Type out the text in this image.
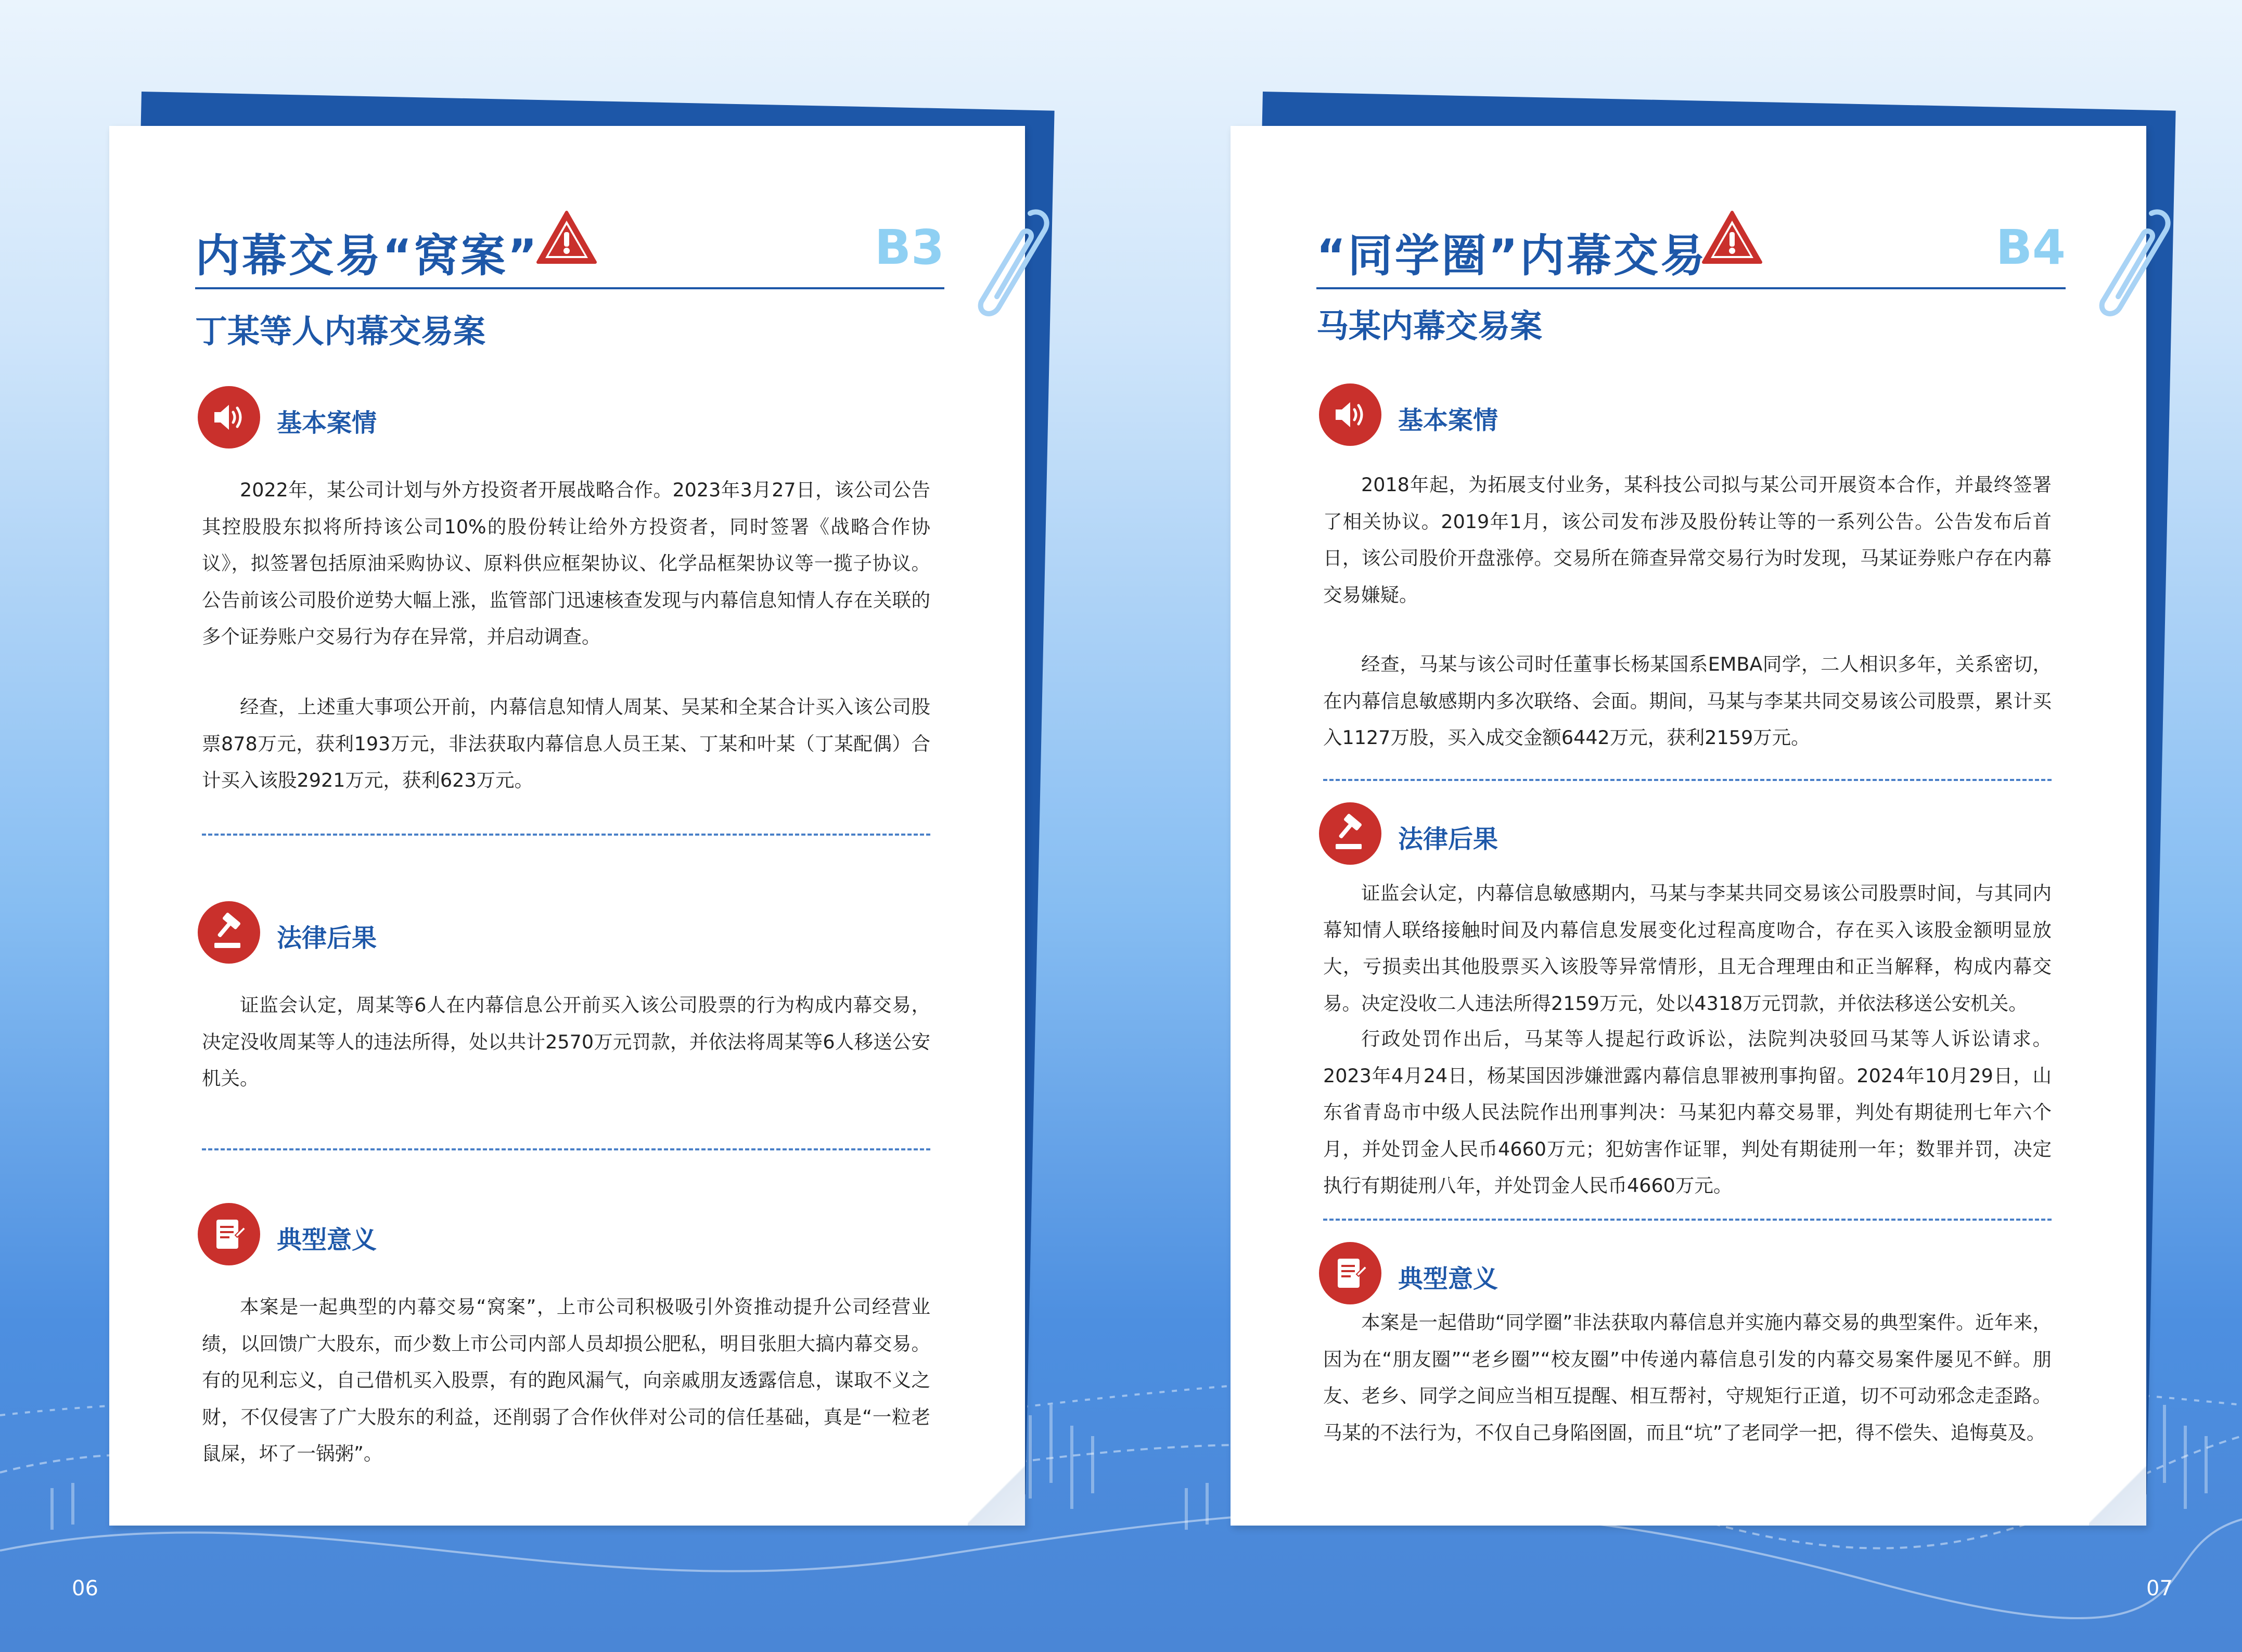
内幕交易“窝案”	B3
丁某等人内幕交易案
基本案情

2022年，某公司计划与外方投资者开展战略合作。2023年3月27日，该公司公告其控股股东拟将所持该公司10%的股份转让给外方投资者，同时签署《战略合作协议》，拟签署包括原油采购协议、原料供应框架协议、化学品框架协议等一揽子协议。公告前该公司股价逆势大幅上涨，监管部门迅速核查发现与内幕信息知情人存在关联的多个证券账户交易行为存在异常，并启动调查。

经查，上述重大事项公开前，内幕信息知情人周某、吴某和全某合计买入该公司股票878万元，获利193万元，非法获取内幕信息人员王某、丁某和叶某（丁某配偶）合计买入该股2921万元，获利623万元。

法律后果

证监会认定，周某等6人在内幕信息公开前买入该公司股票的行为构成内幕交易，决定没收周某等人的违法所得，处以共计2570万元罚款，并依法将周某等6人移送公安机关。

典型意义

本案是一起典型的内幕交易“窝案”，上市公司积极吸引外资推动提升公司经营业绩，以回馈广大股东，而少数上市公司内部人员却损公肥私，明目张胆大搞内幕交易。有的见利忘义，自己借机买入股票，有的跑风漏气，向亲戚朋友透露信息，谋取不义之财，不仅侵害了广大股东的利益，还削弱了合作伙伴对公司的信任基础，真是“一粒老鼠屎，坏了一锅粥”。

“同学圈”内幕交易	B4
马某内幕交易案
基本案情

2018年起，为拓展支付业务，某科技公司拟与某公司开展资本合作，并最终签署了相关协议。2019年1月，该公司发布涉及股份转让等的一系列公告。公告发布后首日，该公司股价开盘涨停。交易所在筛查异常交易行为时发现，马某证券账户存在内幕交易嫌疑。

经查，马某与该公司时任董事长杨某国系EMBA同学，二人相识多年，关系密切，在内幕信息敏感期内多次联络、会面。期间，马某与李某共同交易该公司股票，累计买入1127万股，买入成交金额6442万元，获利2159万元。

法律后果

证监会认定，内幕信息敏感期内，马某与李某共同交易该公司股票时间，与其同内幕知情人联络接触时间及内幕信息发展变化过程高度吻合，存在买入该股金额明显放大，亏损卖出其他股票买入该股等异常情形，且无合理理由和正当解释，构成内幕交易。决定没收二人违法所得2159万元，处以4318万元罚款，并依法移送公安机关。

行政处罚作出后，马某等人提起行政诉讼，法院判决驳回马某等人诉讼请求。2023年4月24日，杨某国因涉嫌泄露内幕信息罪被刑事拘留。2024年10月29日，山东省青岛市中级人民法院作出刑事判决：马某犯内幕交易罪，判处有期徒刑七年六个月，并处罚金人民币4660万元；犯妨害作证罪，判处有期徒刑一年；数罪并罚，决定执行有期徒刑八年，并处罚金人民币4660万元。

典型意义

本案是一起借助“同学圈”非法获取内幕信息并实施内幕交易的典型案件。近年来，因为在“朋友圈”“老乡圈”“校友圈”中传递内幕信息引发的内幕交易案件屡见不鲜。朋友、老乡、同学之间应当相互提醒、相互帮衬，守规矩行正道，切不可动邪念走歪路。马某的不法行为，不仅自己身陷囹圄，而且“坑”了老同学一把，得不偿失、追悔莫及。

06	07
